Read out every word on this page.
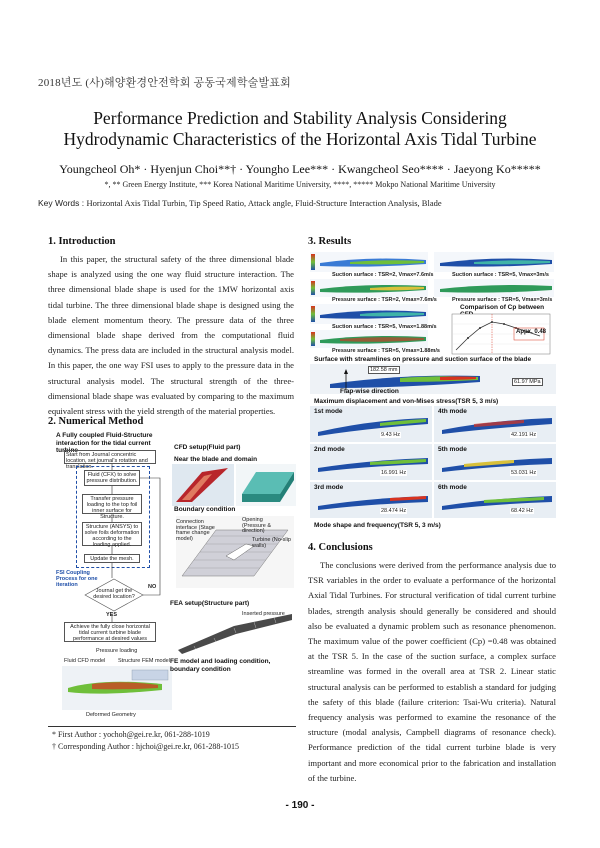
2018년도 (사)해양환경안전학회 공동국제학술발표회
Performance Prediction and Stability Analysis Considering Hydrodynamic Characteristics of the Horizontal Axis Tidal Turbine
Youngcheol Oh* · Hyenjun Choi**† · Youngho Lee*** · Kwangcheol Seo**** · Jaeyong Ko*****
*, ** Green Energy Institute, *** Korea National Maritime University, ****, ***** Mokpo National Maritime University
Key Words : Horizontal Axis Tidal Turbin, Tip Speed Ratio, Attack angle, Fluid-Structure Interaction Analysis, Blade
1. Introduction
In this paper, the structural safety of the three dimensional blade shape is analyzed using the one way fluid structure interaction. The three dimensional blade shape is used for the 1MW horizontal axis tidal turbine. The three dimensional blade shape is designed using the blade element momentum theory. The pressure data of the three dimensional blade shape derived from the computational fluid dynamics. The press data are included in the structural analysis model. In this paper, the one way FSI uses to apply to the pressure data in the structural analysis model. The structural strength of the three-dimensional blade shape was evaluated by comparing to the maximum equivalent stress with the yield strength of the material properties.
2. Numerical Method
A Fully coupled Fluid-Structure interaction for the tidal current turbine
Start from Journal concentric location, set journal's rotation and translation.
Fluid (CFX) to solve pressure distribution.
Transfer pressure loading to the top foil inner surface for Structure.
Structure (ANSYS) to solve foils deformation according to the loading applied.
Update the mesh.
FSI Coupling Process for one iteration
Journal get the desired location?
NO
YES
Achieve the fully close horizontal tidal current turbine blade performance at desired values
Pressure loading
Fluid CFD model Structure FEM model
Deformed Geometry
CFD setup(Fluid part)
Near the blade and domain
Boundary condition
Connection interface (Stage frame change model)
Opening (Pressure & direction)
Turbine (No-slip walls)
FEA setup(Structure part)
Inserted pressure
FE model and loading condition, boundary condition
* First Author : yochoh@gei.re.kr, 061-288-1019
† Corresponding Author : hjchoi@gei.re.kr, 061-288-1015
3. Results
Suction surface : TSR=2, Vmax=7.6m/s
Pressure surface : TSR=2, Vmax=7.6m/s
Suction surface : TSR=5, Vmax=1.88m/s
Pressure surface : TSR=5, Vmax=1.88m/s
Suction surface : TSR=5, Vmax=3m/s
Pressure surface : TSR=5, Vmax=3m/s
Comparison of Cp between
Appx. 0.48
Surface with streamlines on pressure and suction surface of the blade
182.58 mm
61.97 MPa
Flap-wise direction
Maximum displacement and von-Mises stress(TSR 5, 3 m/s)
1st mode
9.43 Hz
4th mode
42.191 Hz
2nd mode
16.991 Hz
5th mode
53.031 Hz
3rd mode
28.474 Hz
6th mode
68.42 Hz
Mode shape and frequency(TSR 5, 3 m/s)
4. Conclusions
The conclusions were derived from the performance analysis due to TSR variables in the order to evaluate a performance of the horizontal Axial Tidal Turbines. For structural verification of tidal current turbine blades, strength analysis should generally be considered and should also be evaluated a dynamic problem such as resonance phenomenon. The maximum value of the power coefficient (Cp) =0.48 was obtained at the TSR 5. In the case of the suction surface, a complex surface streamline was formed in the overall area at TSR 2. Linear static structural analysis can be performed to establish a standard for judging the safety of this blade (failure criterion: Tsai-Wu criteria). Natural frequency analysis was performed to examine the resonance of the structure (modal analysis, Campbell diagrams of resonance check). Performance prediction of the tidal current turbine blade is very important and more economical prior to the fabrication and installation of the turbine.
- 190 -
